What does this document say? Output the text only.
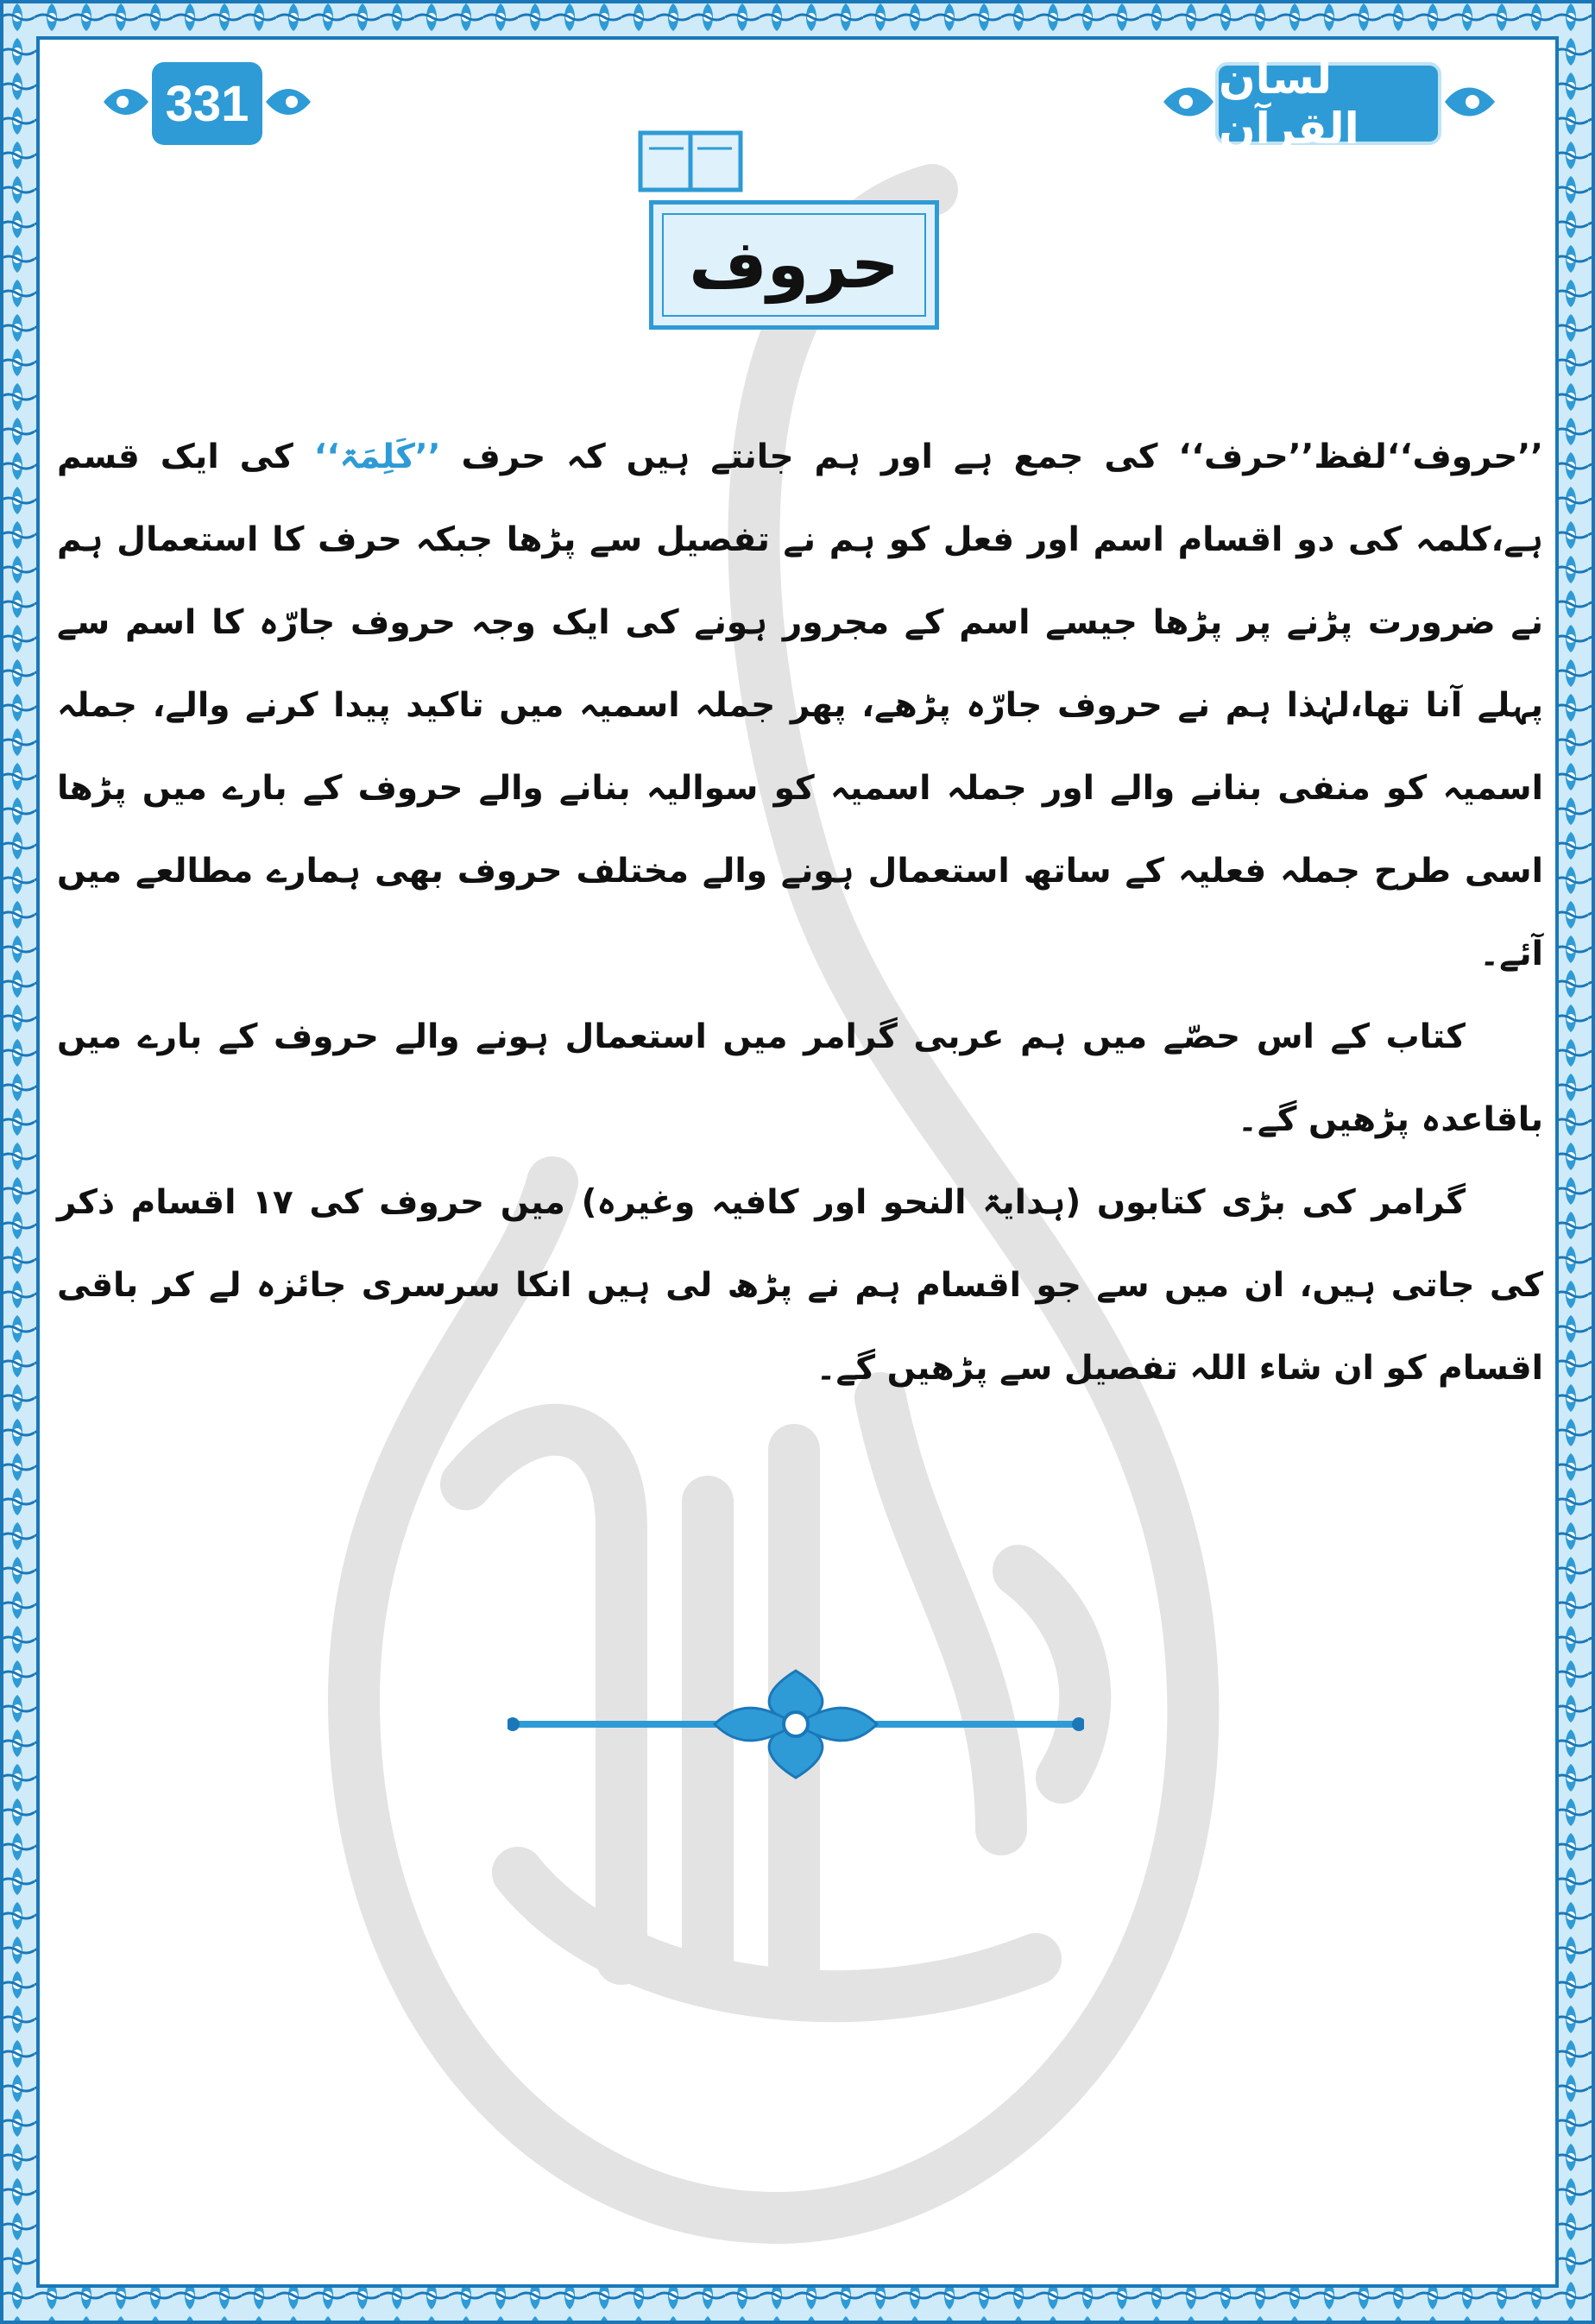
331	لسان القرآن
حروف

’’حروف‘‘لفظ’’حرف‘‘ کی جمع ہے اور ہم جانتے ہیں کہ حرف ’’کَلِمَۃ‘‘ کی ایک قسم ہے،کلمہ کی دو اقسام اسم اور فعل کو ہم نے تفصیل سے پڑھا جبکہ حرف کا استعمال ہم نے ضرورت پڑنے پر پڑھا جیسے اسم کے مجرور ہونے کی ایک وجہ حروف جارّہ کا اسم سے پہلے آنا تھا،لہٰذا ہم نے حروف جارّہ پڑھے، پھر جملہ اسمیہ میں تاکید پیدا کرنے والے، جملہ اسمیہ کو منفی بنانے والے اور جملہ اسمیہ کو سوالیہ بنانے والے حروف کے بارے میں پڑھا اسی طرح جملہ فعلیہ کے ساتھ استعمال ہونے والے مختلف حروف بھی ہمارے مطالعے میں آئے۔

کتاب کے اس حصّے میں ہم عربی گرامر میں استعمال ہونے والے حروف کے بارے میں باقاعدہ پڑھیں گے۔

گرامر کی بڑی کتابوں (ہدایۃ النحو اور کافیہ وغیرہ) میں حروف کی ۱۷ اقسام ذکر کی جاتی ہیں، ان میں سے جو اقسام ہم نے پڑھ لی ہیں انکا سرسری جائزہ لے کر باقی اقسام کو ان شاء اللہ تفصیل سے پڑھیں گے۔
